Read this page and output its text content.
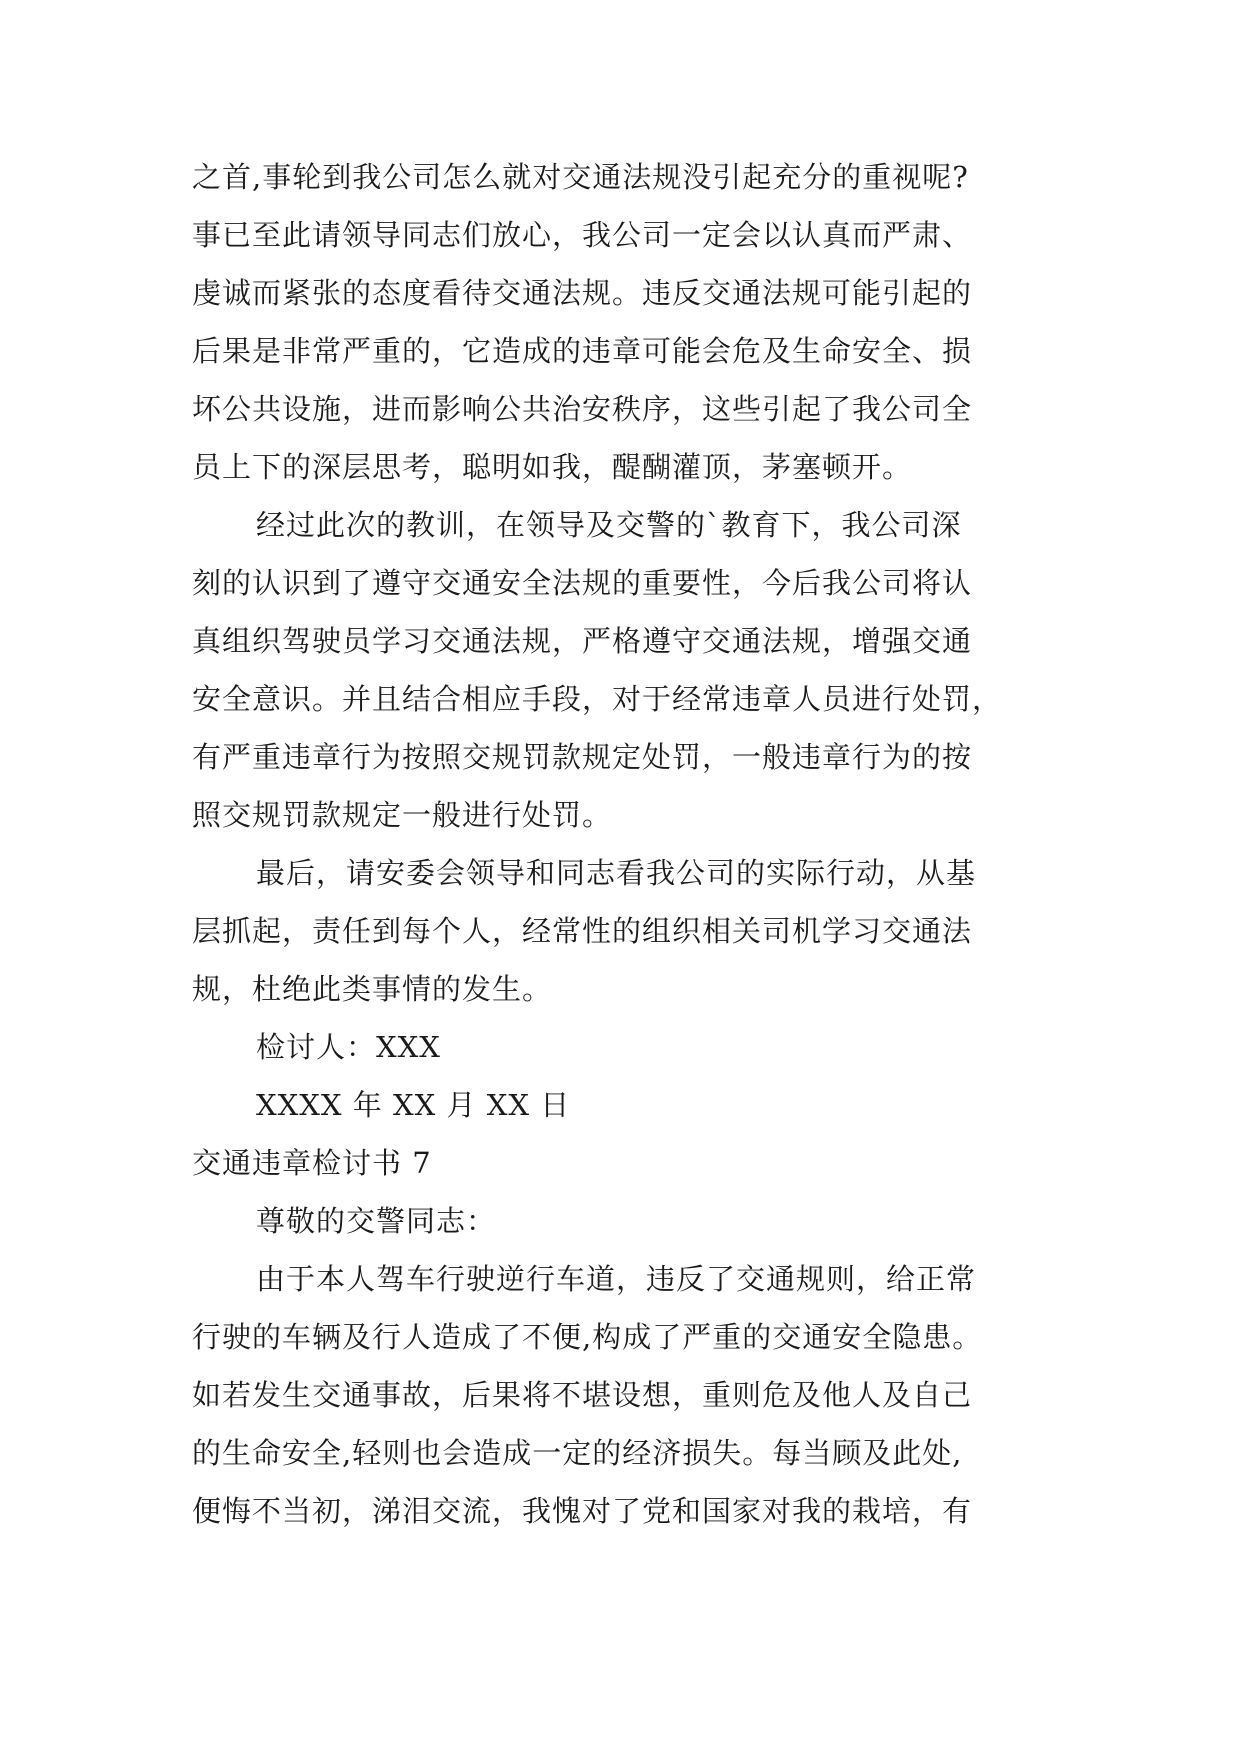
之首,事轮到我公司怎么就对交通法规没引起充分的重视呢?
事已至此请领导同志们放心，我公司一定会以认真而严肃、
虔诚而紧张的态度看待交通法规。违反交通法规可能引起的
后果是非常严重的，它造成的违章可能会危及生命安全、损
坏公共设施，进而影响公共治安秩序，这些引起了我公司全
员上下的深层思考，聪明如我，醍醐灌顶，茅塞顿开。
经过此次的教训，在领导及交警的`教育下，我公司深
刻的认识到了遵守交通安全法规的重要性，今后我公司将认
真组织驾驶员学习交通法规，严格遵守交通法规，增强交通
安全意识。并且结合相应手段，对于经常违章人员进行处罚，
有严重违章行为按照交规罚款规定处罚，一般违章行为的按
照交规罚款规定一般进行处罚。
最后，请安委会领导和同志看我公司的实际行动，从基
层抓起，责任到每个人，经常性的组织相关司机学习交通法
规，杜绝此类事情的发生。
检讨人：XXX
XXXX 年 XX 月 XX 日
交通违章检讨书 7
尊敬的交警同志：
由于本人驾车行驶逆行车道，违反了交通规则，给正常
行驶的车辆及行人造成了不便,构成了严重的交通安全隐患。
如若发生交通事故，后果将不堪设想，重则危及他人及自己
的生命安全,轻则也会造成一定的经济损失。每当顾及此处,
便悔不当初，涕泪交流，我愧对了党和国家对我的栽培，有
